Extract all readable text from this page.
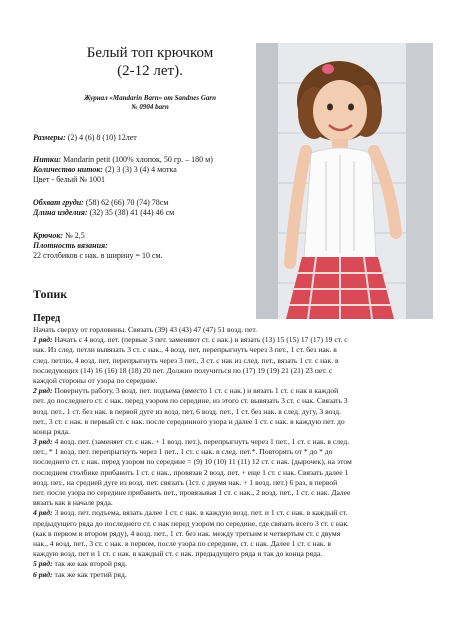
Белый топ крючком
(2-12 лет).
Журнал «Mandarin Barn» от Sandnes Garn
№ 0904 barn
Размеры: (2) 4 (6) 8 (10) 12лет
Нитки: Mandarin petit (100% хлопок, 50 гр. – 180 м)
Количество ниток: (2) 3 (3) 3 (4) 4 мотка
Цвет - белый № 1001
Обхват груди: (58) 62 (66) 70 (74) 78см
Длина изделия: (32) 35 (38) 41 (44) 46 см
Крючок: № 2,5
Плотность вязания:
22 столбиков с нак. в ширину = 10 см.
Топик
Перед
Начать сверху от горловины. Связать (39) 43 (43) 47 (47) 51 возд. пет.
1 ряд: Начать с 4 возд. пет. (первые 3 пет. заменяют ст. с нак.) и вязать (13) 15 (15) 17 (17) 19 ст. с
нак. Из след. петли вывязать 3 ст. с нак., 4 возд. пет, перепрыгнуть через 3 пет., 1 ст. без нак. в
след. петлю, 4 возд. пет, перепрыгнуть через 3 пет., 3 ст. с нак из след. пет., вязать 1 ст. с нак. в
последующих (14) 16 (16) 18 (18) 20 пет. Должно получиться по (17) 19 (19) 21 (21) 23 пет. с
каждой стороны от узора по середине.
2 ряд: Повернуть работу, 3 возд. пет. подъема (вместо 1 ст. с нак.) и вязать 1 ст. с нак в каждой
пет. до последнего ст. с нак. перед узором по середине, из этого ст. вывязать 3 ст. с нак. Связать 3
возд. пет., 1 ст. без нак. в первой дуге из возд. пет, 6 возд. пет., 1 ст. без нак. в след. дугу, 3 возд.
пет., 3 ст. с нак. в первый ст. с нак. после серединного узора и далее 1 ст. с нак. в каждую пет. до
конца ряда.
3 ряд: 4 возд. пет. (заменяет ст. с нак. + 1 возд. пет.), перепрыгнуть через 1 пет., 1 ст. с нак. в след.
пет., * 1 возд. пет. перепрыгнуть через 1 пет., 1 ст. с нак. в след. пет.*. Повторять от * до * до
последнего ст. с нак. перед узором по середине = (9) 10 (10) 11 (11) 12 ст. с нак. (дырочек), на этом
последнем столбике прибавить 1 ст. с нак., провязав 2 возд. пет. + еще 1 ст. с нак. Связать далее 1
возд. пет., на средней дуге из возд. пет. связать (1ст. с двумя нак. + 1 возд. пет.) 6 раз, в первой
пет. после узора по середине прибавить пет., провязывая 1 ст. с нак., 2 возд. пет., 1 ст. с нак. Далее
вязать как в начале ряда.
4 ряд: 3 возд. пет. подъема, вязать далее 1 ст. с нак. в каждую возд. пет. и 1 ст. с нак. в каждый ст.
предыдущего ряда до последнего ст. с нак перед узором по середине, где связать всего 3 ст. с нак.
(как в первом и втором ряду), 4 возд. пет., 1 ст. без нак. между третьим и четвертым ст. с двумя
нак., 4 возд. пет., 3 ст. с нак. в первом, после узора по середине, ст. с нак. Далее 1 ст. с нак. в
каждую возд. пет и 1 ст. с нак. в каждый ст. с нак. предыдущего ряда и так до конца ряда.
5 ряд: так же как второй ряд.
6 ряд: так же как третий ряд.
